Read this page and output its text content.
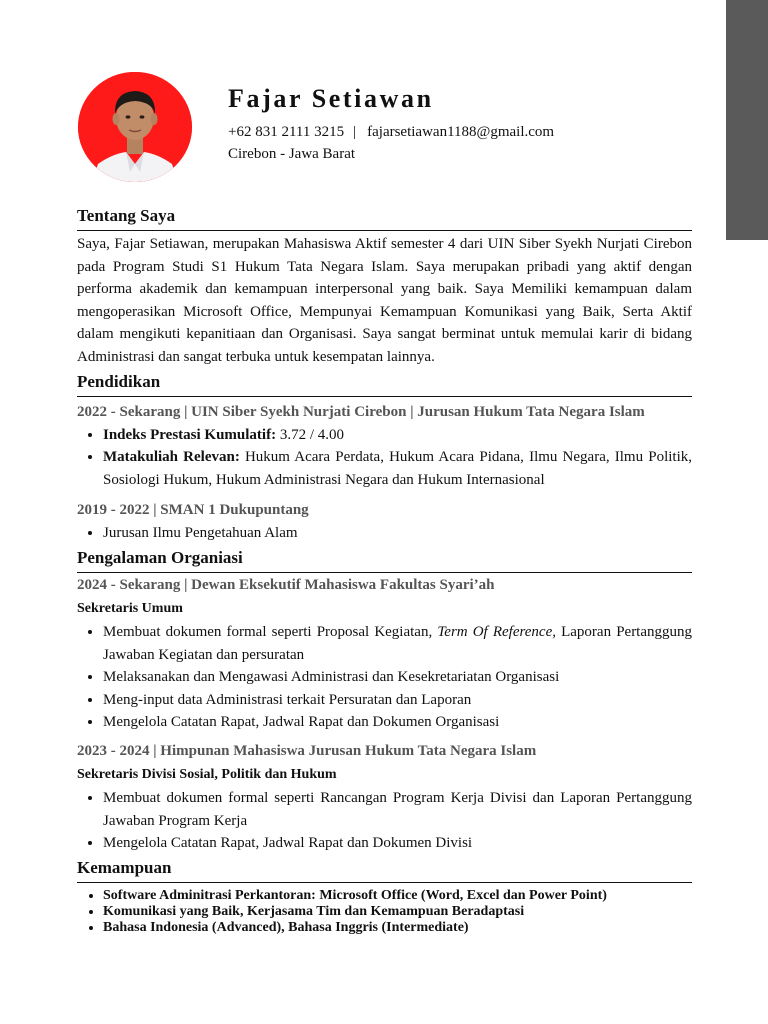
Fajar Setiawan
+62 831 2111 3215 | fajarsetiawan1188@gmail.com
Cirebon - Jawa Barat
Tentang Saya

Saya, Fajar Setiawan, merupakan Mahasiswa Aktif semester 4 dari UIN Siber Syekh Nurjati Cirebon pada Program Studi S1 Hukum Tata Negara Islam. Saya merupakan pribadi yang aktif dengan performa akademik dan kemampuan interpersonal yang baik. Saya Memiliki kemampuan dalam mengoperasikan Microsoft Office, Mempunyai Kemampuan Komunikasi yang Baik, Serta Aktif dalam mengikuti kepanitiaan dan Organisasi. Saya sangat berminat untuk memulai karir di bidang Administrasi dan sangat terbuka untuk kesempatan lainnya.

Pendidikan
2022 - Sekarang | UIN Siber Syekh Nurjati Cirebon | Jurusan Hukum Tata Negara Islam
• Indeks Prestasi Kumulatif: 3.72 / 4.00
• Matakuliah Relevan: Hukum Acara Perdata, Hukum Acara Pidana, Ilmu Negara, Ilmu Politik, Sosiologi Hukum, Hukum Administrasi Negara dan Hukum Internasional
2019 - 2022 | SMAN 1 Dukupuntang
• Jurusan Ilmu Pengetahuan Alam
Pengalaman Organiasi
2024 - Sekarang | Dewan Eksekutif Mahasiswa Fakultas Syari’ah
Sekretaris Umum
• Membuat dokumen formal seperti Proposal Kegiatan, Term Of Reference, Laporan Pertanggung Jawaban Kegiatan dan persuratan
• Melaksanakan dan Mengawasi Administrasi dan Kesekretariatan Organisasi
• Meng-input data Administrasi terkait Persuratan dan Laporan
• Mengelola Catatan Rapat, Jadwal Rapat dan Dokumen Organisasi
2023 - 2024 | Himpunan Mahasiswa Jurusan Hukum Tata Negara Islam
Sekretaris Divisi Sosial, Politik dan Hukum
• Membuat dokumen formal seperti Rancangan Program Kerja Divisi dan Laporan Pertanggung Jawaban Program Kerja
• Mengelola Catatan Rapat, Jadwal Rapat dan Dokumen Divisi
Kemampuan
• Software Adminitrasi Perkantoran: Microsoft Office (Word, Excel dan Power Point)
• Komunikasi yang Baik, Kerjasama Tim dan Kemampuan Beradaptasi
• Bahasa Indonesia (Advanced), Bahasa Inggris (Intermediate)
